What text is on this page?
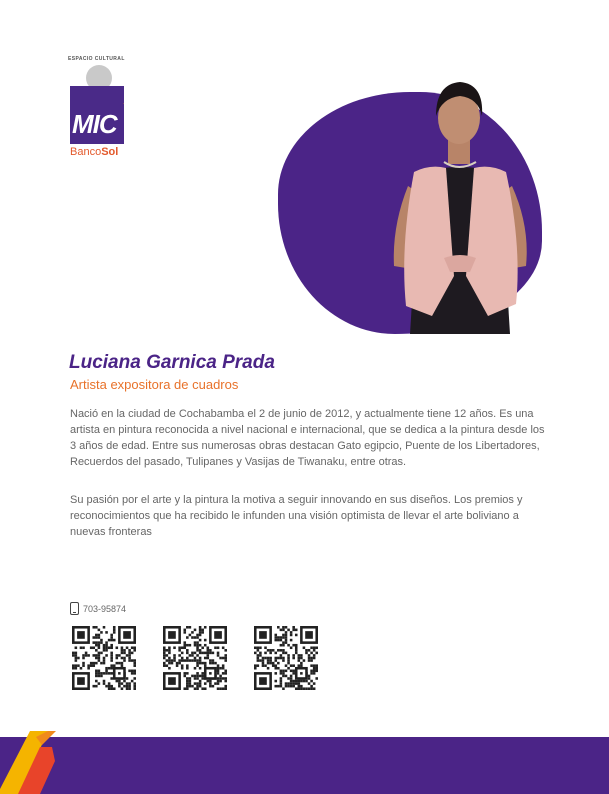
ESPACIO CULTURAL
MIC
BancoSol
Luciana Garnica Prada
Artista expositora de cuadros

Nació en la ciudad de Cochabamba el 2 de junio de 2012, y actualmente tiene 12 años. Es una artista en pintura reconocida a nivel nacional e internacional, que se dedica a la pintura desde los 3 años de edad. Entre sus numerosas obras destacan Gato egipcio, Puente de los Libertadores, Recuerdos del pasado, Tulipanes y Vasijas de Tiwanaku, entre otras.

Su pasión por el arte y la pintura la motiva a seguir innovando en sus diseños. Los premios y reconocimientos que ha recibido le infunden una visión optimista de llevar el arte boliviano a nuevas fronteras

703-95874
